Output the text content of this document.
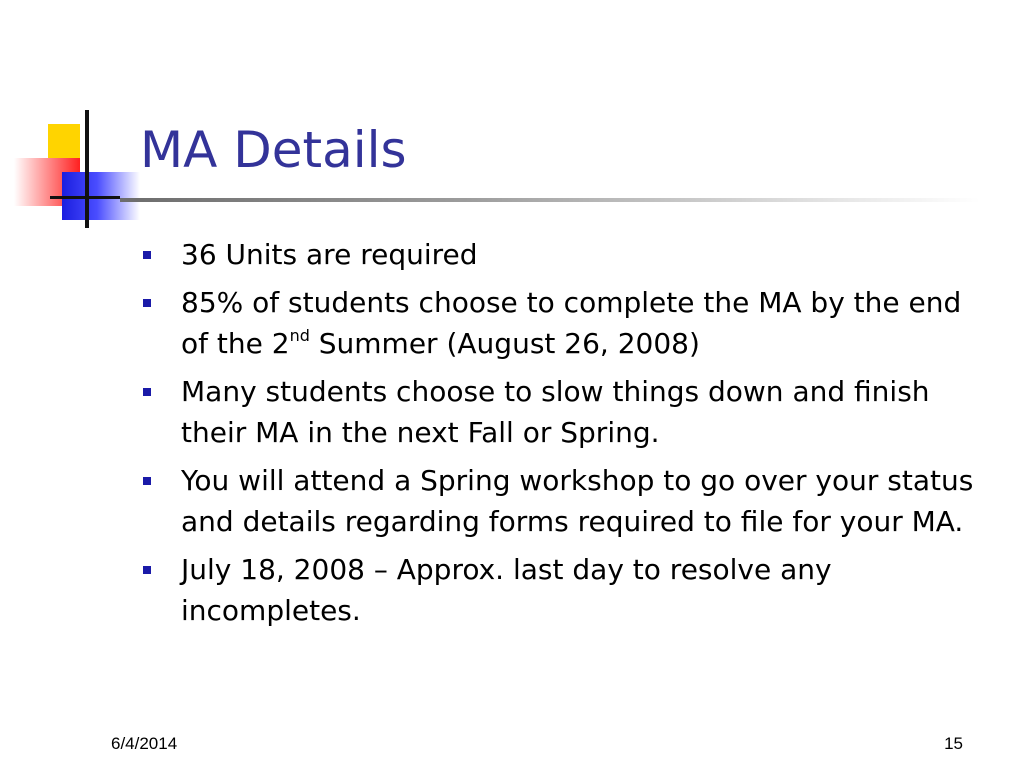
MA Details
36 Units are required
85% of students choose to complete the MA by the end of the 2nd Summer (August 26, 2008)
Many students choose to slow things down and finish their MA in the next Fall or Spring.
You will attend a Spring workshop to go over your status and details regarding forms required to file for your MA.
July 18, 2008 – Approx. last day to resolve any incompletes.
6/4/2014	15
